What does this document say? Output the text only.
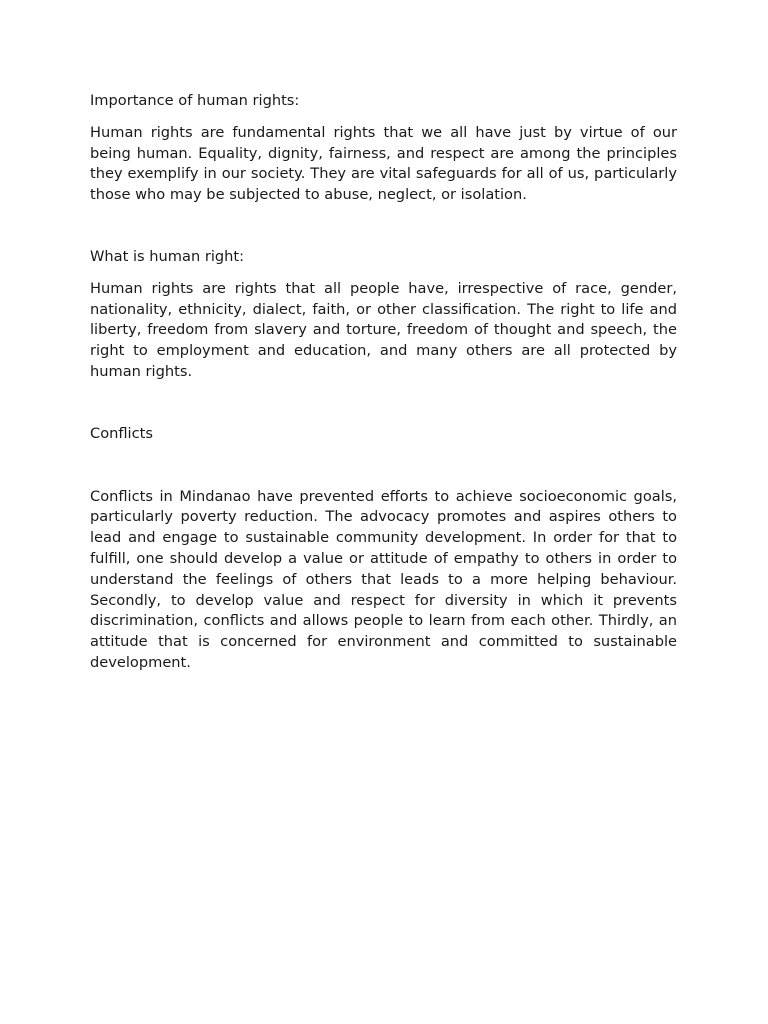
Importance of human rights:

Human rights are fundamental rights that we all have just by virtue of our being human. Equality, dignity, fairness, and respect are among the principles they exemplify in our society. They are vital safeguards for all of us, particularly those who may be subjected to abuse, neglect, or isolation.

What is human right:

Human rights are rights that all people have, irrespective of race, gender, nationality, ethnicity, dialect, faith, or other classification. The right to life and liberty, freedom from slavery and torture, freedom of thought and speech, the right to employment and education, and many others are all protected by human rights.

Conflicts

Conflicts in Mindanao have prevented efforts to achieve socioeconomic goals, particularly poverty reduction. The advocacy promotes and aspires others to lead and engage to sustainable community development. In order for that to fulfill, one should develop a value or attitude of empathy to others in order to understand the feelings of others that leads to a more helping behaviour. Secondly, to develop value and respect for diversity in which it prevents discrimination, conflicts and allows people to learn from each other. Thirdly, an attitude that is concerned for environment and committed to sustainable development.
